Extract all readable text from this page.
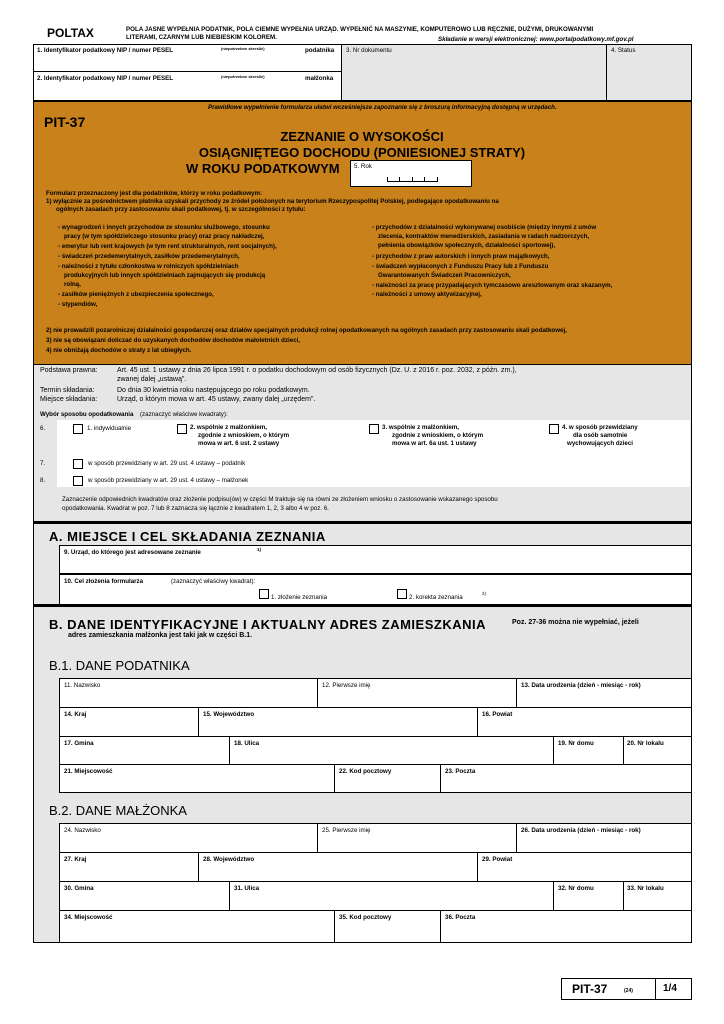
POLTAX	POLA JASNE WYPEŁNIA PODATNIK, POLA CIEMNE WYPEŁNIA URZĄD. WYPEŁNIĆ NA MASZYNIE, KOMPUTEROWO LUB RĘCZNIE, DUŻYMI, DRUKOWANYMI
LITERAMI, CZARNYM LUB NIEBIESKIM KOLOREM.	Składanie w wersji elektronicznej: www.portalpodatkowy.mf.gov.pl
1. Identyfikator podatkowy NIP / numer PESEL	(niepotrzebne skreślić)	podatnika
2. Identyfikator podatkowy NIP / numer PESEL	(niepotrzebne skreślić)	małżonka
3. Nr dokumentu	4. Status
Prawidłowe wypełnienie formularza ułatwi wcześniejsze zapoznanie się z broszurą informacyjną dostępną w urzędach.
PIT-37
ZEZNANIE O WYSOKOŚCI
OSIĄGNIĘTEGO DOCHODU (PONIESIONEJ STRATY)
W ROKU PODATKOWYM 5. Rok
Formularz przeznaczony jest dla podatników, którzy w roku podatkowym:
1) wyłącznie za pośrednictwem płatnika uzyskali przychody ze źródeł położonych na terytorium Rzeczypospolitej Polskiej, podlegające opodatkowaniu na
ogólnych zasadach przy zastosowaniu skali podatkowej, tj. w szczególności z tytułu:
- wynagrodzeń i innych przychodów ze stosunku służbowego, stosunku
pracy (w tym spółdzielczego stosunku pracy) oraz pracy nakładczej,
- emerytur lub rent krajowych (w tym rent strukturalnych, rent socjalnych),
- świadczeń przedemerytalnych, zasiłków przedemerytalnych,
- należności z tytułu członkostwa w rolniczych spółdzielniach
produkcyjnych lub innych spółdzielniach zajmujących się produkcją
rolną,
- zasiłków pieniężnych z ubezpieczenia społecznego,
- stypendiów,
- przychodów z działalności wykonywanej osobiście (między innymi z umów
zlecenia, kontraktów menedżerskich, zasiadania w radach nadzorczych,
pełnienia obowiązków społecznych, działalności sportowej),
- przychodów z praw autorskich i innych praw majątkowych,
- świadczeń wypłaconych z Funduszu Pracy lub z Funduszu
Gwarantowanych Świadczeń Pracowniczych,
- należności za pracę przypadających tymczasowo aresztowanym oraz skazanym,
- należności z umowy aktywizacyjnej,
2) nie prowadzili pozarolniczej działalności gospodarczej oraz działów specjalnych produkcji rolnej opodatkowanych na ogólnych zasadach przy zastosowaniu skali podatkowej,
3) nie są obowiązani doliczać do uzyskanych dochodów dochodów małoletnich dzieci,
4) nie obniżają dochodów o straty z lat ubiegłych.
Podstawa prawna:	Art. 45 ust. 1 ustawy z dnia 26 lipca 1991 r. o podatku dochodowym od osób fizycznych (Dz. U. z 2016 r. poz. 2032, z późn. zm.),
zwanej dalej „ustawą”.
Termin składania:	Do dnia 30 kwietnia roku następującego po roku podatkowym.
Miejsce składania:	Urząd, o którym mowa w art. 45 ustawy, zwany dalej „urzędem”.
Wybór sposobu opodatkowania (zaznaczyć właściwe kwadraty):
6.	1. indywidualnie	2. wspólnie z małżonkiem,
zgodnie z wnioskiem, o którym
mowa w art. 6 ust. 2 ustawy
3. wspólnie z małżonkiem,
zgodnie z wnioskiem, o którym
mowa w art. 6a ust. 1 ustawy
4. w sposób przewidziany
dla osób samotnie
wychowujących dzieci
7.	w sposób przewidziany w art. 29 ust. 4 ustawy – podatnik
8.	w sposób przewidziany w art. 29 ust. 4 ustawy – małżonek
Zaznaczenie odpowiednich kwadratów oraz złożenie podpisu(ów) w części M traktuje się na równi ze złożeniem wniosku o zastosowanie wskazanego sposobu
opodatkowania. Kwadrat w poz. 7 lub 8 zaznacza się łącznie z kwadratem 1, 2, 3 albo 4 w poz. 6.
A. MIEJSCE I CEL SKŁADANIA ZEZNANIA
9. Urząd, do którego jest adresowane zeznanie	1)
10. Cel złożenia formularza	(zaznaczyć właściwy kwadrat):
1. złożenie zeznania	2. korekta zeznania
2)
B. DANE IDENTYFIKACYJNE I AKTUALNY ADRES ZAMIESZKANIA	Poz. 27-36 można nie wypełniać, jeżeli
adres zamieszkania małżonka jest taki jak w części B.1.
B.1. DANE PODATNIKA
11. Nazwisko	12. Pierwsze imię	13. Data urodzenia (dzień - miesiąc - rok)
14. Kraj	15. Województwo	16. Powiat
17. Gmina	18. Ulica	19. Nr domu	20. Nr lokalu
21. Miejscowość	22. Kod pocztowy	23. Poczta
B.2. DANE MAŁŻONKA
24. Nazwisko	25. Pierwsze imię	26. Data urodzenia (dzień - miesiąc - rok)
27. Kraj	28. Województwo	29. Powiat
30. Gmina	31. Ulica	32. Nr domu	33. Nr lokalu
34. Miejscowość	35. Kod pocztowy	36. Poczta
PIT-37	(24)	1/4
